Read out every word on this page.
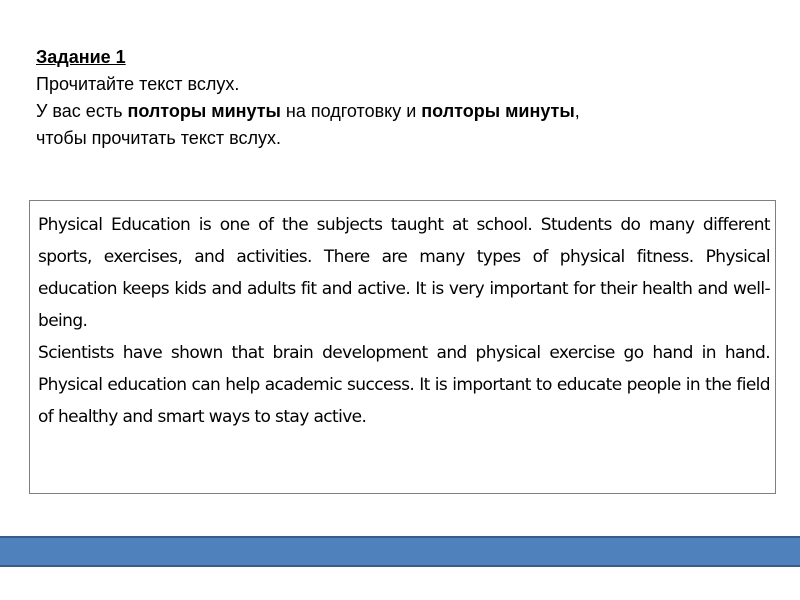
Задание 1
Прочитайте текст вслух.
У вас есть полторы минуты на подготовку и полторы минуты,
чтобы прочитать текст вслух.

Physical Education is one of the subjects taught at school. Students do many different sports, exercises, and activities. There are many types of physical fitness. Physical education keeps kids and adults fit and active. It is very important for their health and well-being.

Scientists have shown that brain development and physical exercise go hand in hand. Physical education can help academic success. It is important to educate people in the field of healthy and smart ways to stay active.
